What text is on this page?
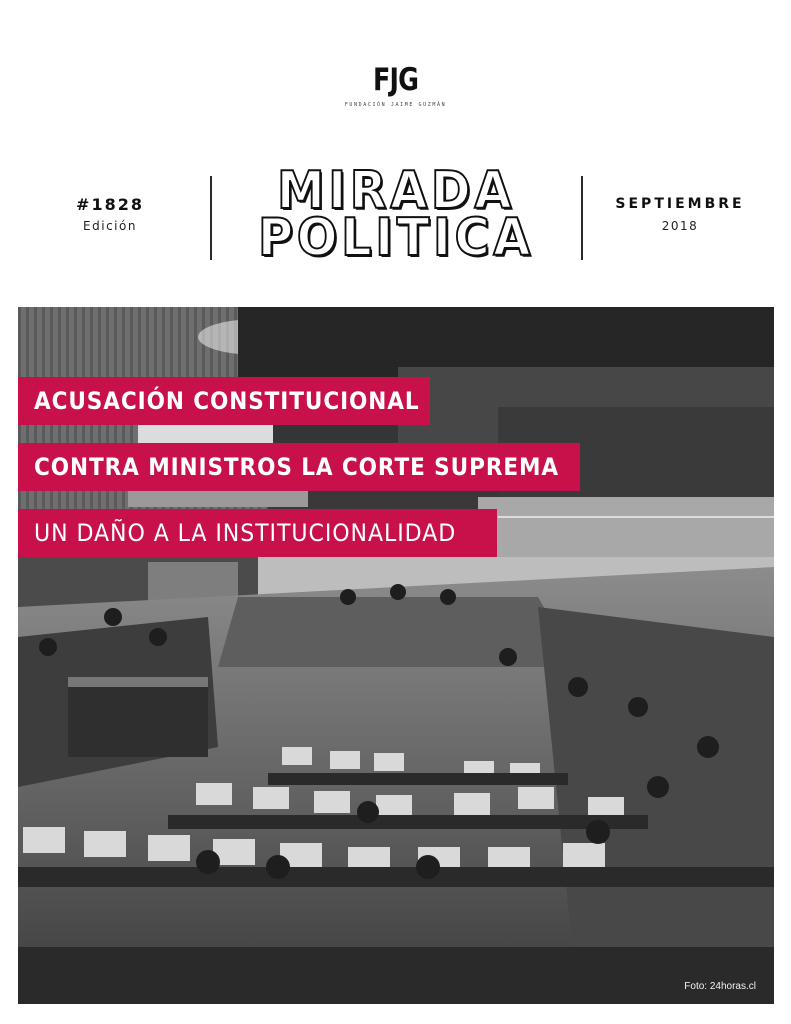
FJG
FUNDACIÓN JAIME GUZMÁN
#1828
Edición
MIRADA
POLITICA
SEPTIEMBRE
2018
Foto: 24horas.cl
ACUSACIÓN CONSTITUCIONAL
CONTRA MINISTROS LA CORTE SUPREMA
UN DAÑO A LA INSTITUCIONALIDAD
